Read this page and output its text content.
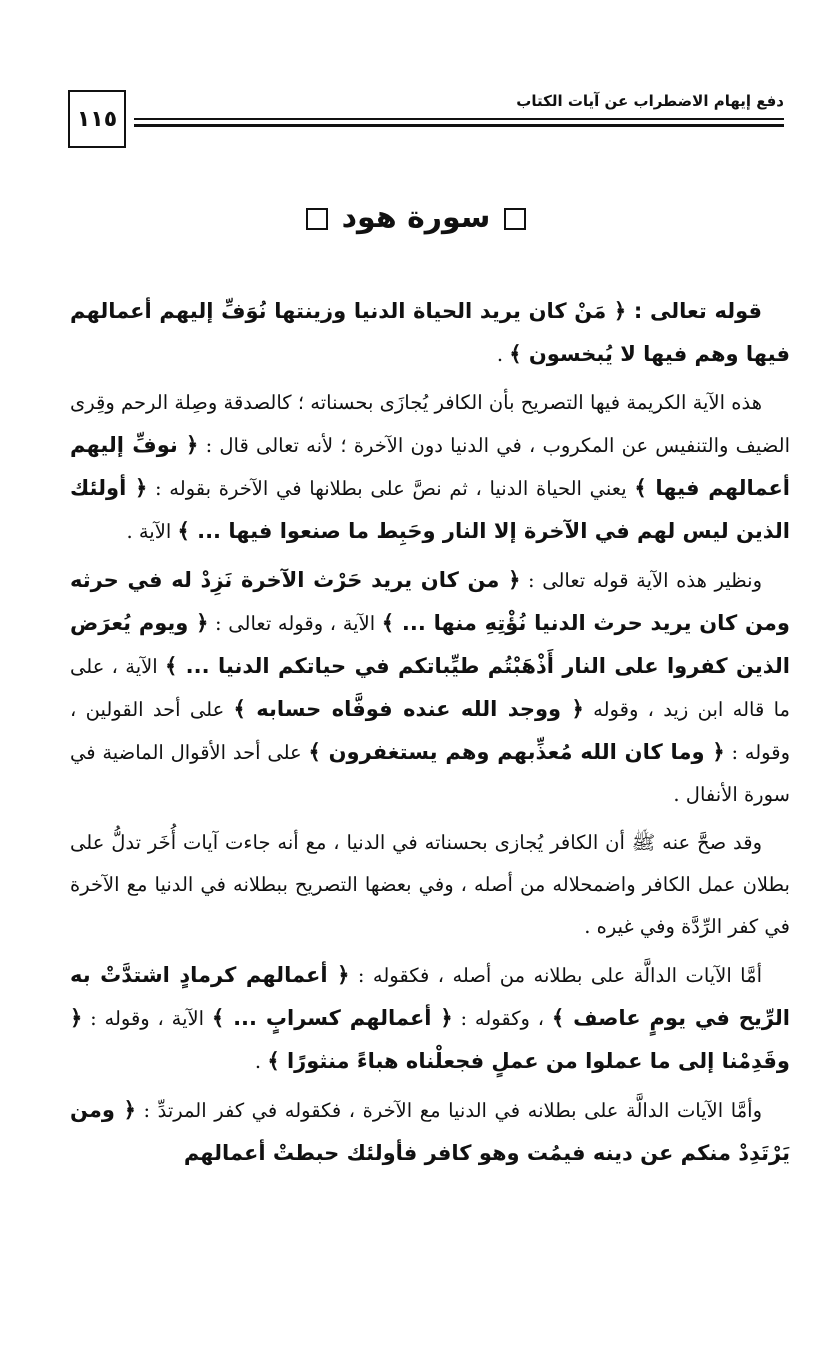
١١٥
دفع إيهام الاضطراب عن آيات الكتاب
سورة هود

قوله تعالى : ﴿ مَنْ كان يريد الحياة الدنيا وزينتها نُوَفِّ إليهم أعمالهم فيها وهم فيها لا يُبخسون ﴾ .

هذه الآية الكريمة فيها التصريح بأن الكافر يُجازَى بحسناته ؛ كالصدقة وصِلة الرحم وقِرى الضيف والتنفيس عن المكروب ، في الدنيا دون الآخرة ؛ لأنه تعالى قال : ﴿ نوفِّ إليهم أعمالهم فيها ﴾ يعني الحياة الدنيا ، ثم نصَّ على بطلانها في الآخرة بقوله : ﴿ أولئك الذين ليس لهم في الآخرة إلا النار وحَبِط ما صنعوا فيها ... ﴾ الآية .

ونظير هذه الآية قوله تعالى : ﴿ من كان يريد حَرْث الآخرة نَزِدْ له في حرثه ومن كان يريد حرث الدنيا نُؤْتِهِ منها ... ﴾ الآية ، وقوله تعالى : ﴿ ويوم يُعرَض الذين كفروا على النار أَذْهَبْتُم طيِّباتكم في حياتكم الدنيا ... ﴾ الآية ، على ما قاله ابن زيد ، وقوله ﴿ ووجد الله عنده فوفَّاه حسابه ﴾ على أحد القولين ، وقوله : ﴿ وما كان الله مُعذِّبهم وهم يستغفرون ﴾ على أحد الأقوال الماضية في سورة الأنفال .

وقد صحَّ عنه ﷺ أن الكافر يُجازى بحسناته في الدنيا ، مع أنه جاءت آيات أُخَر تدلُّ على بطلان عمل الكافر واضمحلاله من أصله ، وفي بعضها التصريح ببطلانه في الدنيا مع الآخرة في كفر الرِّدَّة وفي غيره .

أمَّا الآيات الدالَّة على بطلانه من أصله ، فكقوله : ﴿ أعمالهم كرمادٍ اشتدَّتْ به الرِّيح في يومٍ عاصف ﴾ ، وكقوله : ﴿ أعمالهم كسرابٍ ... ﴾ الآية ، وقوله : ﴿ وقَدِمْنا إلى ما عملوا من عملٍ فجعلْناه هباءً منثورًا ﴾ .

وأمَّا الآيات الدالَّة على بطلانه في الدنيا مع الآخرة ، فكقوله في كفر المرتدِّ : ﴿ ومن يَرْتَدِدْ منكم عن دينه فيمُت وهو كافر فأولئك حبطتْ أعمالهم
